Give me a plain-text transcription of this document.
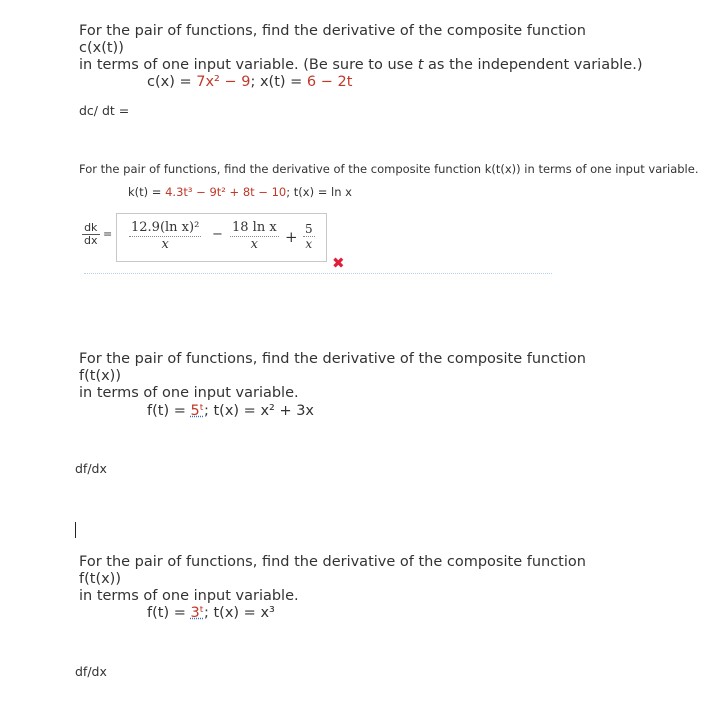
For the pair of functions, find the derivative of the composite function
c(x(t))
in terms of one input variable. (Be sure to use t as the independent variable.)
c(x) = 7x² − 9; x(t) = 6 − 2t
dc/ dt =
For the pair of functions, find the derivative of the composite function k(t(x)) in terms of one input variable.
k(t) = 4.3t³ − 9t² + 8t − 10; t(x) = ln x
$\frac{dk}{dx} = \frac{\text{12.9(ln x)²}}{x} - \frac{\text{18 ln x}}{x} + \frac{5}{x}$
✖
For the pair of functions, find the derivative of the composite function
f(t(x))
in terms of one input variable.
f(t) = 5ᵗ; t(x) = x² + 3x
df/dx
For the pair of functions, find the derivative of the composite function
f(t(x))
in terms of one input variable.
f(t) = 3ᵗ; t(x) = x³
df/dx
